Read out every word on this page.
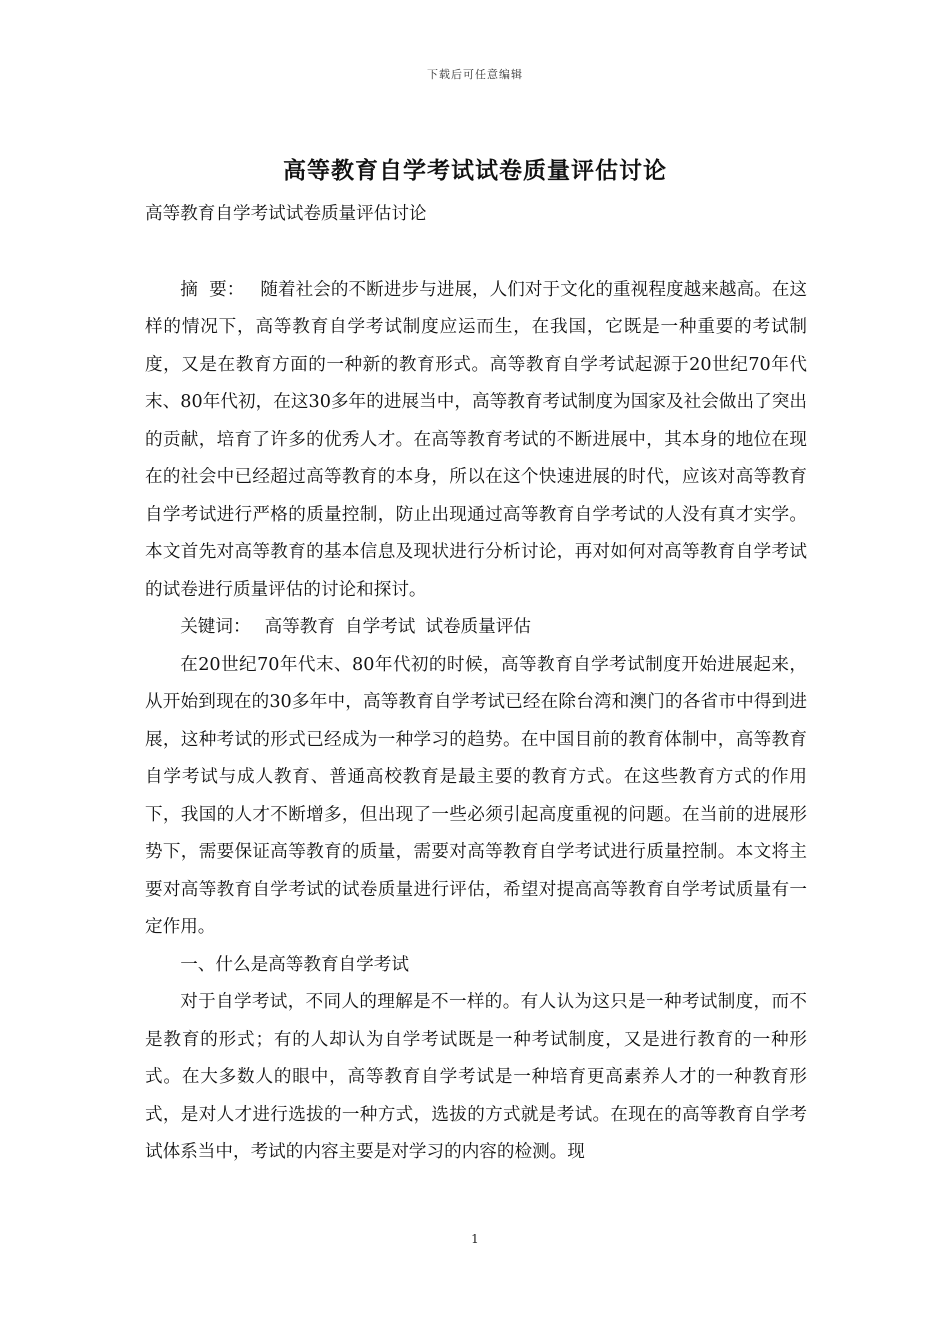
下载后可任意编辑
高等教育自学考试试卷质量评估讨论

高等教育自学考试试卷质量评估讨论

摘  要： 随着社会的不断进步与进展，人们对于文化的重视程度越来越高。在这样的情况下，高等教育自学考试制度应运而生，在我国，它既是一种重要的考试制度，又是在教育方面的一种新的教育形式。高等教育自学考试起源于20世纪70年代末、80年代初，在这30多年的进展当中，高等教育考试制度为国家及社会做出了突出的贡献，培育了许多的优秀人才。在高等教育考试的不断进展中，其本身的地位在现在的社会中已经超过高等教育的本身，所以在这个快速进展的时代，应该对高等教育自学考试进行严格的质量控制，防止出现通过高等教育自学考试的人没有真才实学。本文首先对高等教育的基本信息及现状进行分析讨论，再对如何对高等教育自学考试的试卷进行质量评估的讨论和探讨。

关键词： 高等教育 自学考试 试卷质量评估

在20世纪70年代末、80年代初的时候，高等教育自学考试制度开始进展起来，从开始到现在的30多年中，高等教育自学考试已经在除台湾和澳门的各省市中得到进展，这种考试的形式已经成为一种学习的趋势。在中国目前的教育体制中，高等教育自学考试与成人教育、普通高校教育是最主要的教育方式。在这些教育方式的作用下，我国的人才不断增多，但出现了一些必须引起高度重视的问题。在当前的进展形势下，需要保证高等教育的质量，需要对高等教育自学考试进行质量控制。本文将主要对高等教育自学考试的试卷质量进行评估，希望对提高高等教育自学考试质量有一定作用。

一、什么是高等教育自学考试

对于自学考试，不同人的理解是不一样的。有人认为这只是一种考试制度，而不是教育的形式；有的人却认为自学考试既是一种考试制度，又是进行教育的一种形式。在大多数人的眼中，高等教育自学考试是一种培育更高素养人才的一种教育形式，是对人才进行选拔的一种方式，选拔的方式就是考试。在现在的高等教育自学考试体系当中，考试的内容主要是对学习的内容的检测。现

1
